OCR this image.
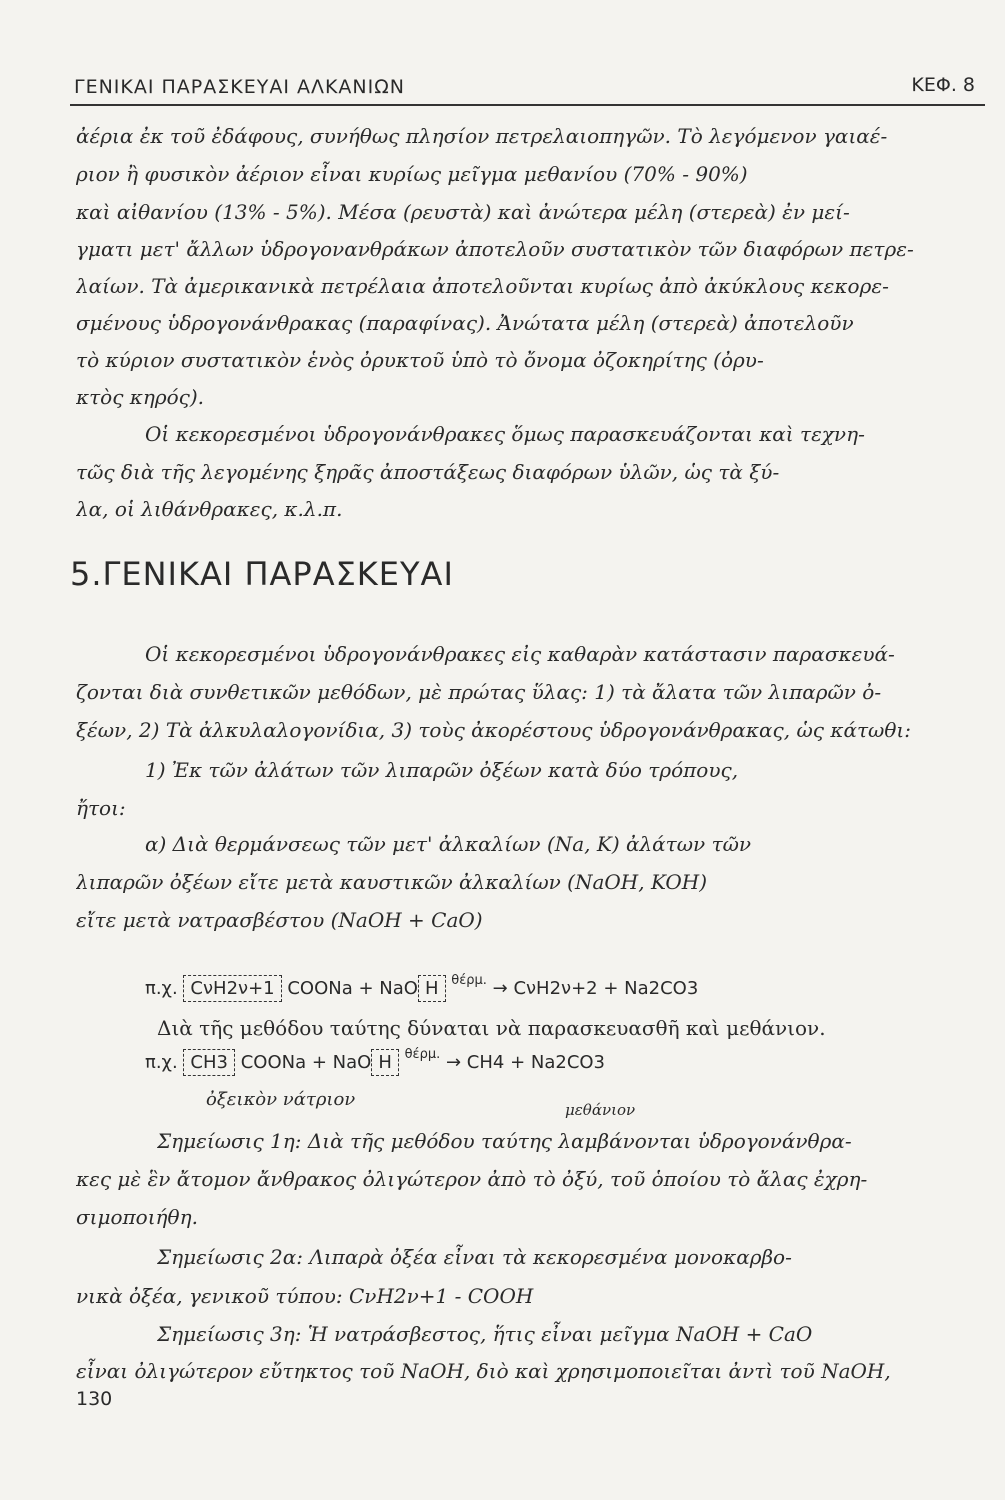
ΓΕΝΙΚΑΙ ΠΑΡΑΣΚΕΥΑΙ ΑΛΚΑΝΙΩΝ	ΚΕΦ. 8
ἀέρια ἐκ τοῦ ἐδάφους, συνήθως πλησίον πετρελαιοπηγῶν. Τὸ λεγόμενον γαιαέ-
ριον ἢ φυσικὸν ἀέριον εἶναι κυρίως μεῖγμα μεθανίου (70% - 90%)
καὶ αἰθανίου (13% - 5%). Μέσα (ρευστὰ) καὶ ἀνώτερα μέλη (στερεὰ) ἐν μεί-
γματι μετ' ἄλλων ὑδρογονανθράκων ἀποτελοῦν συστατικὸν τῶν διαφόρων πετρε-
λαίων. Τὰ ἀμερικανικὰ πετρέλαια ἀποτελοῦνται κυρίως ἀπὸ ἀκύκλους κεκορε-
σμένους ὑδρογονάνθρακας (παραφίνας). Ἀνώτατα μέλη (στερεὰ) ἀποτελοῦν
τὸ κύριον συστατικὸν ἑνὸς ὀρυκτοῦ ὑπὸ τὸ ὄνομα ὀζοκηρίτης (ὀρυ-
κτὸς κηρός).
Οἱ κεκορεσμένοι ὑδρογονάνθρακες ὅμως παρασκευάζονται καὶ τεχνη-
τῶς διὰ τῆς λεγομένης ξηρᾶς ἀποστάξεως διαφόρων ὑλῶν, ὡς τὰ ξύ-
λα, οἱ λιθάνθρακες, κ.λ.π.
5.ΓΕΝΙΚΑΙ ΠΑΡΑΣΚΕΥΑΙ
Οἱ κεκορεσμένοι ὑδρογονάνθρακες εἰς καθαρὰν κατάστασιν παρασκευά-
ζονται διὰ συνθετικῶν μεθόδων, μὲ πρώτας ὕλας: 1) τὰ ἄλατα τῶν λιπαρῶν ὀ-
ξέων, 2) Τὰ ἀλκυλαλογονίδια, 3) τοὺς ἀκορέστους ὑδρογονάνθρακας, ὡς κάτωθι:
1) Ἐκ τῶν ἀλάτων τῶν λιπαρῶν ὀξέων κατὰ δύο τρόπους,
ἤτοι:
α) Διὰ θερμάνσεως τῶν μετ' ἀλκαλίων (Na, K) ἀλάτων τῶν
λιπαρῶν ὀξέων εἴτε μετὰ καυστικῶν ἀλκαλίων (NaOH, KOH)
εἴτε μετὰ νατρασβέστου (NaOH + CaO)
π.χ. CνH2ν+1 COONa + NaO H $^{\theta έ\rho\mu.}$ → CνH2ν+2 + Na2CO3
Διὰ τῆς μεθόδου ταύτης δύναται νὰ παρασκευασθῆ καὶ μεθάνιον.
π.χ. CH3 COONa + NaO H $^{\theta έ\rho\mu.}$ → CH4 + Na2CO3
ὀξεικὸν νάτριον	μεθάνιον
Σημείωσις 1η: Διὰ τῆς μεθόδου ταύτης λαμβάνονται ὑδρογονάνθρα-
κες μὲ ἓν ἄτομον ἄνθρακος ὀλιγώτερον ἀπὸ τὸ ὀξύ, τοῦ ὁποίου τὸ ἄλας ἐχρη-
σιμοποιήθη.
Σημείωσις 2α: Λιπαρὰ ὀξέα εἶναι τὰ κεκορεσμένα μονοκαρβο-
νικὰ ὀξέα, γενικοῦ τύπου: CνH2ν+1 - COOH
Σημείωσις 3η: Ἡ νατράσβεστος, ἥτις εἶναι μεῖγμα NaOH + CaO
εἶναι ὀλιγώτερον εὔτηκτος τοῦ NaOH, διὸ καὶ χρησιμοποιεῖται ἀντὶ τοῦ NaOH,
130
